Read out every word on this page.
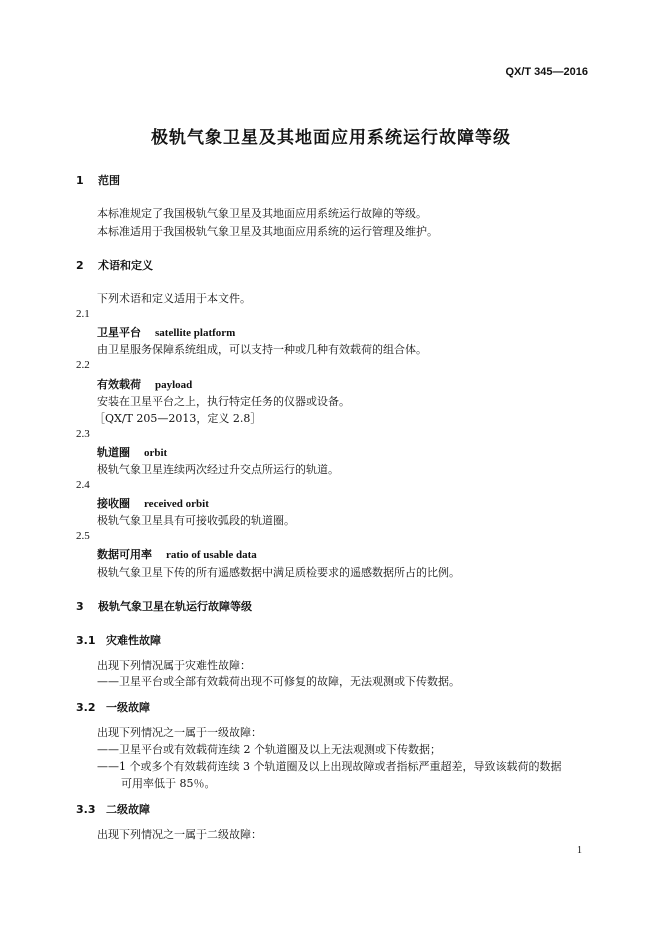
QX/T 345—2016
极轨气象卫星及其地面应用系统运行故障等级
1 范围
本标准规定了我国极轨气象卫星及其地面应用系统运行故障的等级。
本标准适用于我国极轨气象卫星及其地面应用系统的运行管理及维护。
2 术语和定义
下列术语和定义适用于本文件。
2.1
卫星平台 satellite platform
由卫星服务保障系统组成，可以支持一种或几种有效载荷的组合体。
2.2
有效载荷 payload
安装在卫星平台之上，执行特定任务的仪器或设备。
［QX/T 205—2013，定义 2.8］
2.3
轨道圈 orbit
极轨气象卫星连续两次经过升交点所运行的轨道。
2.4
接收圈 received orbit
极轨气象卫星具有可接收弧段的轨道圈。
2.5
数据可用率 ratio of usable data
极轨气象卫星下传的所有遥感数据中满足质检要求的遥感数据所占的比例。
3 极轨气象卫星在轨运行故障等级
3.1 灾难性故障
出现下列情况属于灾难性故障：
——卫星平台或全部有效载荷出现不可修复的故障，无法观测或下传数据。
3.2 一级故障
出现下列情况之一属于一级故障：
——卫星平台或有效载荷连续 2 个轨道圈及以上无法观测或下传数据；
——1 个或多个有效载荷连续 3 个轨道圈及以上出现故障或者指标严重超差，导致该载荷的数据
可用率低于 85％。
3.3 二级故障
出现下列情况之一属于二级故障：
1
